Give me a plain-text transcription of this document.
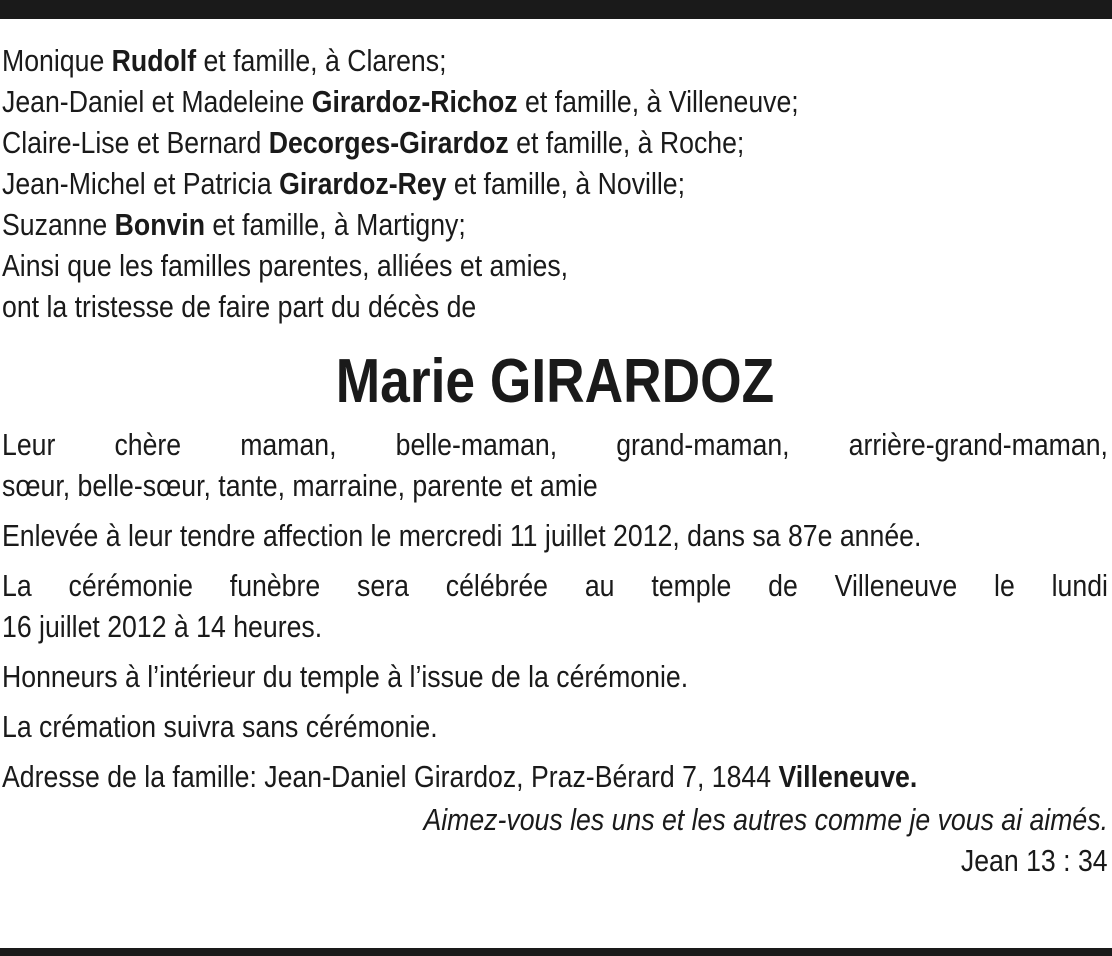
Monique Rudolf et famille, à Clarens;
Jean-Daniel et Madeleine Girardoz-Richoz et famille, à Villeneuve;
Claire-Lise et Bernard Decorges-Girardoz et famille, à Roche;
Jean-Michel et Patricia Girardoz-Rey et famille, à Noville;
Suzanne Bonvin et famille, à Martigny;
Ainsi que les familles parentes, alliées et amies,
ont la tristesse de faire part du décès de
Marie GIRARDOZ
Leur chère maman, belle-maman, grand-maman, arrière-grand-maman,
sœur, belle-sœur, tante, marraine, parente et amie
Enlevée à leur tendre affection le mercredi 11 juillet 2012, dans sa 87e année.
La cérémonie funèbre sera célébrée au temple de Villeneuve le lundi
16 juillet 2012 à 14 heures.
Honneurs à l’intérieur du temple à l’issue de la cérémonie.
La crémation suivra sans cérémonie.
Adresse de la famille: Jean-Daniel Girardoz, Praz-Bérard 7, 1844 Villeneuve.
Aimez-vous les uns et les autres comme je vous ai aimés.
Jean 13 : 34
